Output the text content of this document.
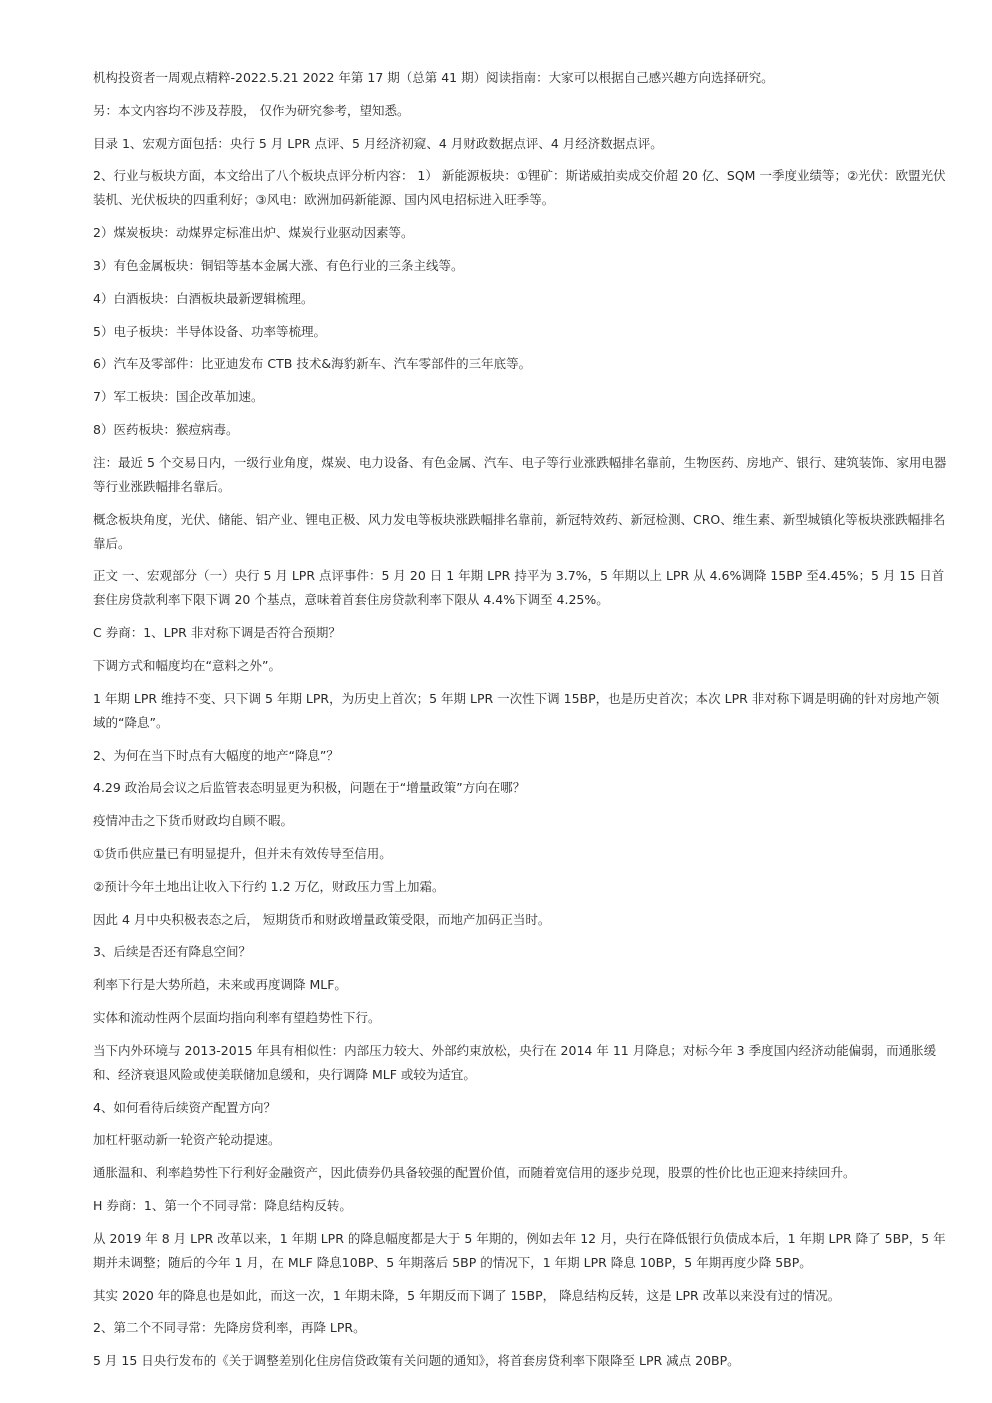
机构投资者一周观点精粹-2022.5.21 2022 年第 17 期（总第 41 期）阅读指南：大家可以根据自己感兴趣方向选择研究。

另：本文内容均不涉及荐股， 仅作为研究参考，望知悉。

目录 1、宏观方面包括：央行 5 月 LPR 点评、5 月经济初窥、4 月财政数据点评、4 月经济数据点评。

2、行业与板块方面，本文给出了八个板块点评分析内容： 1） 新能源板块：①锂矿：斯诺威拍卖成交价超 20 亿、SQM 一季度业绩等；②光伏：欧盟光伏装机、光伏板块的四重利好；③风电：欧洲加码新能源、国内风电招标进入旺季等。

2）煤炭板块：动煤界定标准出炉、煤炭行业驱动因素等。

3）有色金属板块：铜铝等基本金属大涨、有色行业的三条主线等。

4）白酒板块：白酒板块最新逻辑梳理。

5）电子板块：半导体设备、功率等梳理。

6）汽车及零部件：比亚迪发布 CTB 技术&海豹新车、汽车零部件的三年底等。

7）军工板块：国企改革加速。

8）医药板块：猴痘病毒。

注：最近 5 个交易日内，一级行业角度，煤炭、电力设备、有色金属、汽车、电子等行业涨跌幅排名靠前，生物医药、房地产、银行、建筑装饰、家用电器等行业涨跌幅排名靠后。

概念板块角度，光伏、储能、铝产业、锂电正极、风力发电等板块涨跌幅排名靠前，新冠特效药、新冠检测、CRO、维生素、新型城镇化等板块涨跌幅排名靠后。

正文 一、宏观部分（一）央行 5 月 LPR 点评事件：5 月 20 日 1 年期 LPR 持平为 3.7%，5 年期以上 LPR 从 4.6%调降 15BP 至4.45%；5 月 15 日首套住房贷款利率下限下调 20 个基点，意味着首套住房贷款利率下限从 4.4%下调至 4.25%。

C 券商：1、LPR 非对称下调是否符合预期？

下调方式和幅度均在“意料之外”。

1 年期 LPR 维持不变、只下调 5 年期 LPR，为历史上首次；5 年期 LPR 一次性下调 15BP，也是历史首次；本次 LPR 非对称下调是明确的针对房地产领域的“降息”。

2、为何在当下时点有大幅度的地产“降息”？

4.29 政治局会议之后监管表态明显更为积极，问题在于“增量政策”方向在哪？

疫情冲击之下货币财政均自顾不暇。

①货币供应量已有明显提升，但并未有效传导至信用。

②预计今年土地出让收入下行约 1.2 万亿，财政压力雪上加霜。

因此 4 月中央积极表态之后， 短期货币和财政增量政策受限，而地产加码正当时。

3、后续是否还有降息空间？

利率下行是大势所趋，未来或再度调降 MLF。

实体和流动性两个层面均指向利率有望趋势性下行。

当下内外环境与 2013-2015 年具有相似性：内部压力较大、外部约束放松，央行在 2014 年 11 月降息；对标今年 3 季度国内经济动能偏弱，而通胀缓和、经济衰退风险或使美联储加息缓和，央行调降 MLF 或较为适宜。

4、如何看待后续资产配置方向？

加杠杆驱动新一轮资产轮动提速。

通胀温和、利率趋势性下行利好金融资产，因此债券仍具备较强的配置价值，而随着宽信用的逐步兑现，股票的性价比也正迎来持续回升。

H 券商：1、第一个不同寻常：降息结构反转。

从 2019 年 8 月 LPR 改革以来，1 年期 LPR 的降息幅度都是大于 5 年期的，例如去年 12 月，央行在降低银行负债成本后，1 年期 LPR 降了 5BP，5 年期并未调整；随后的今年 1 月，在 MLF 降息10BP、5 年期落后 5BP 的情况下，1 年期 LPR 降息 10BP，5 年期再度少降 5BP。

其实 2020 年的降息也是如此，而这一次，1 年期未降，5 年期反而下调了 15BP， 降息结构反转，这是 LPR 改革以来没有过的情况。

2、第二个不同寻常：先降房贷利率，再降 LPR。

5 月 15 日央行发布的《关于调整差别化住房信贷政策有关问题的通知》，将首套房贷利率下限降至 LPR 减点 20BP。
